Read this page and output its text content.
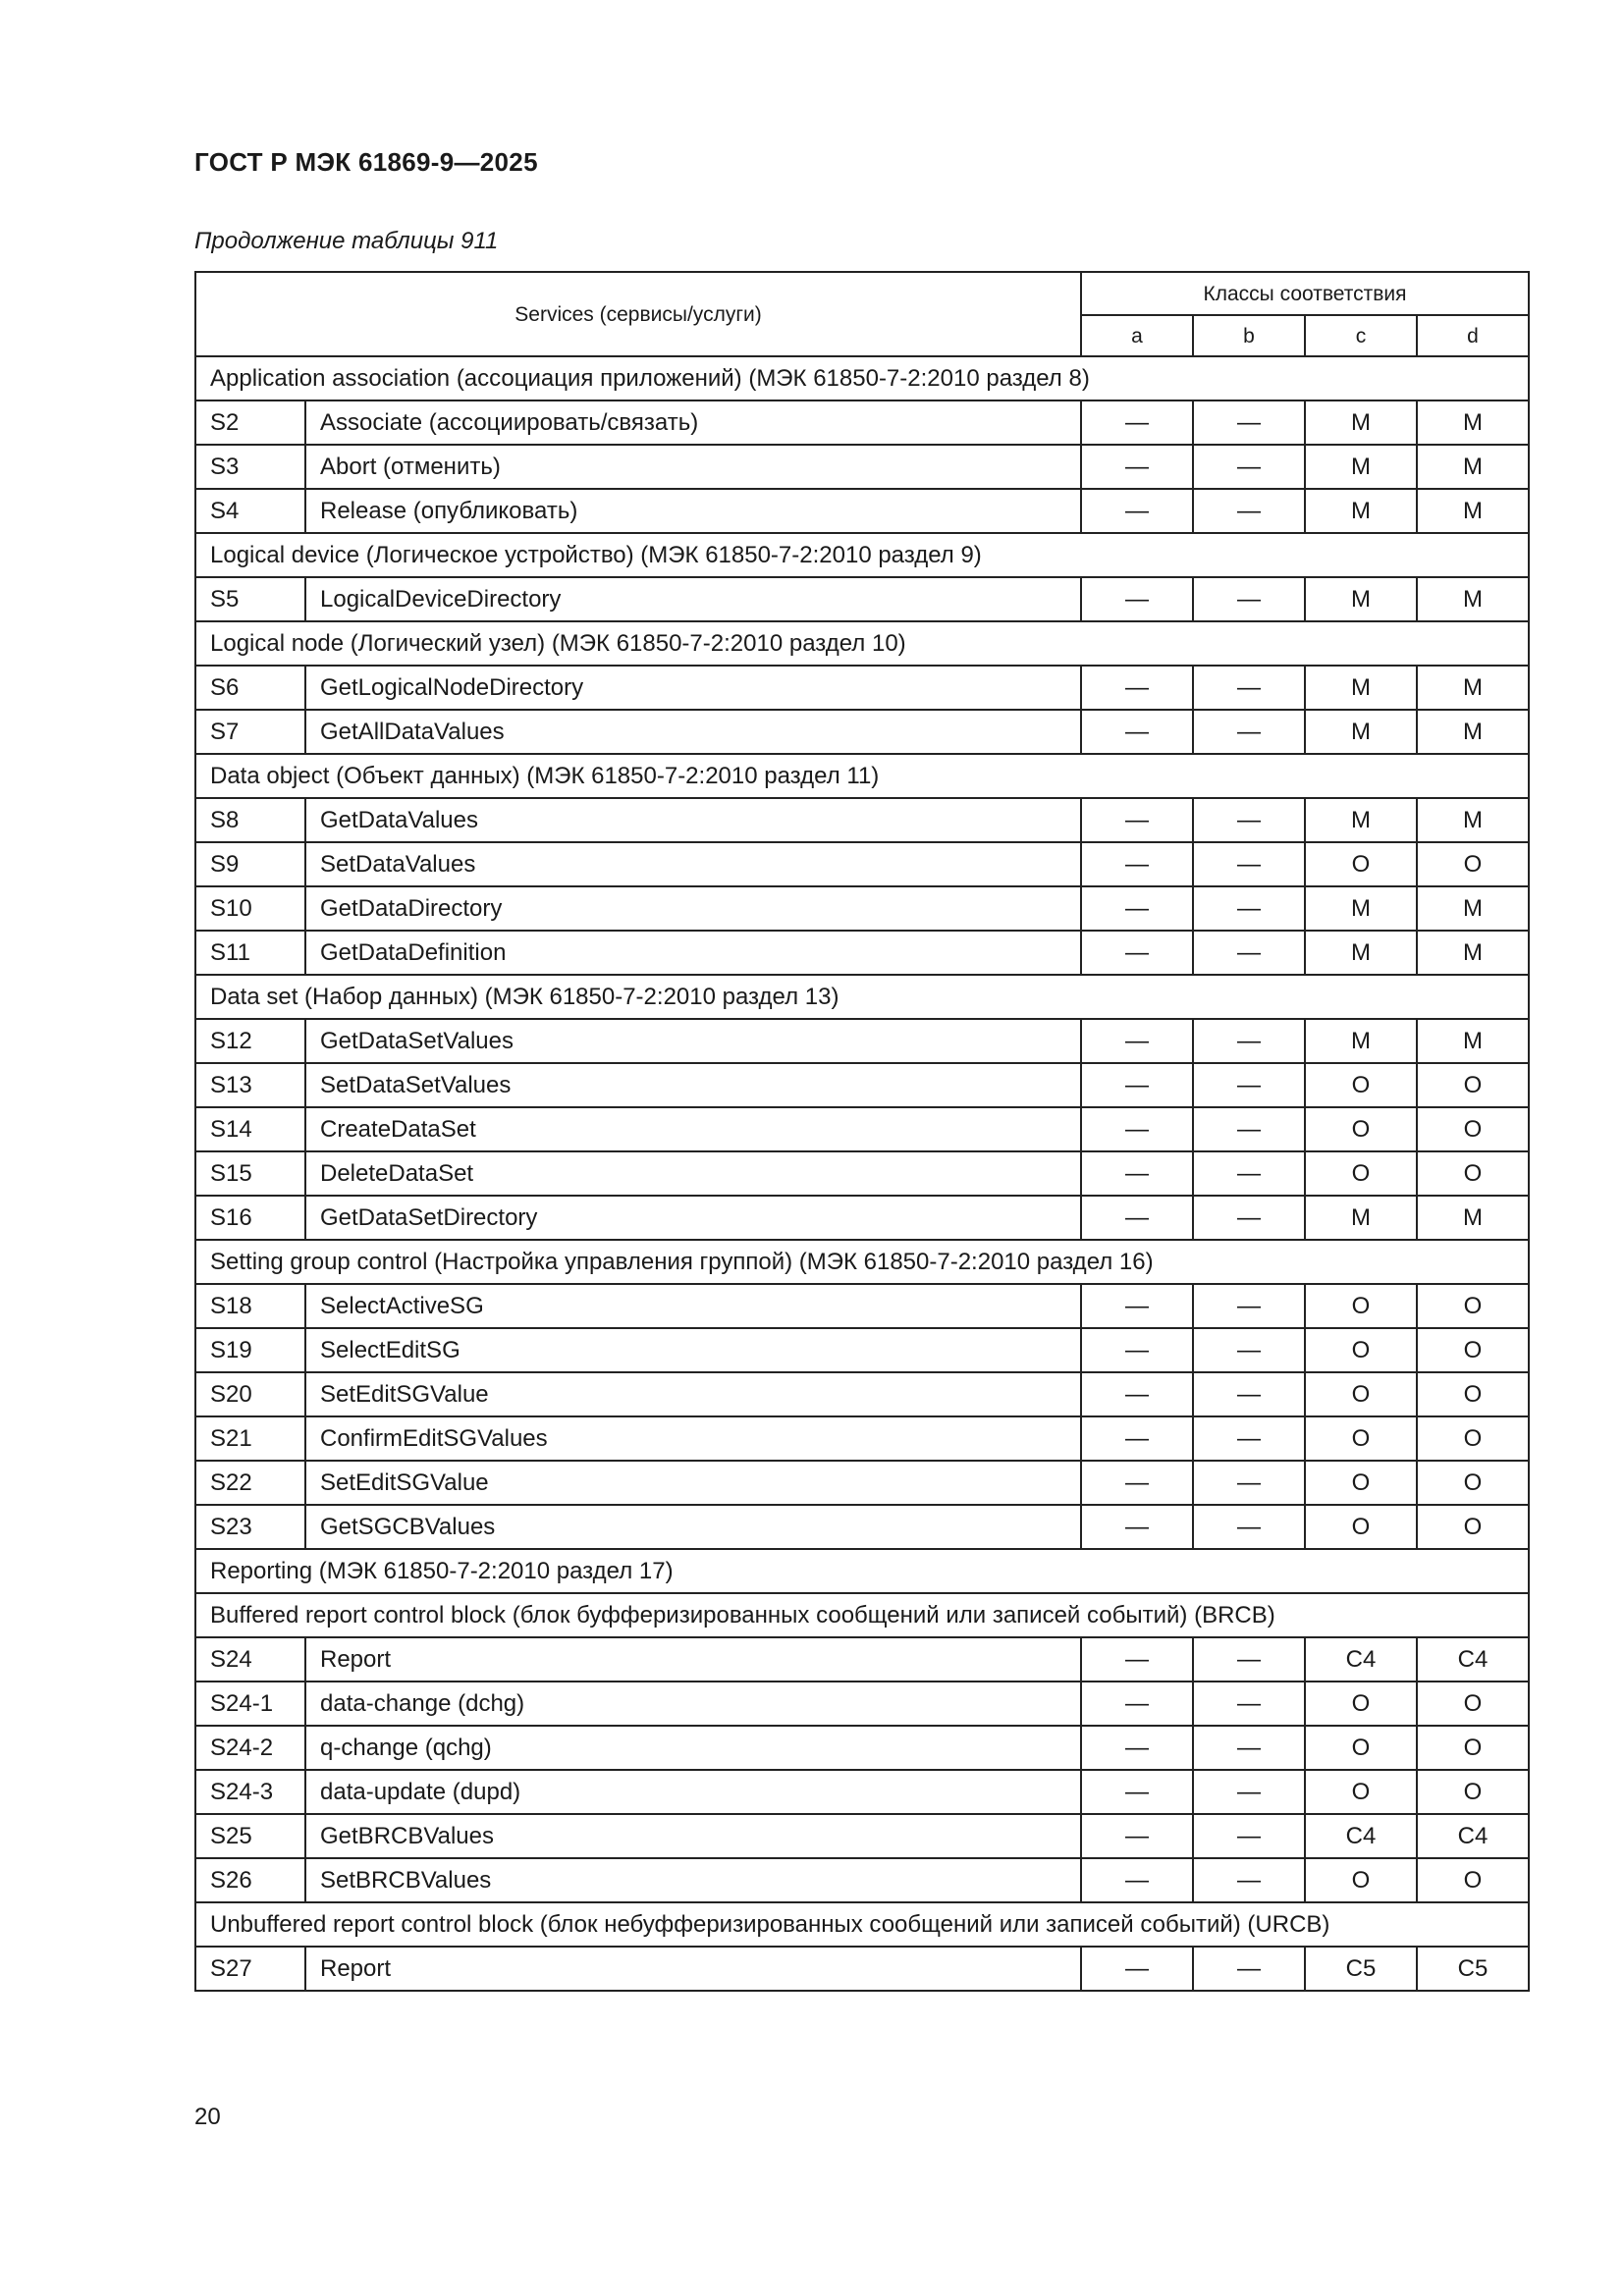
ГОСТ Р МЭК 61869-9—2025
Продолжение таблицы 911
Services (сервисы/услуги)		Классы соответствия			
		a	b	c	d
Application association (ассоциация приложений) (МЭК 61850-7-2:2010 раздел 8)					
S2	Associate (ассоциировать/связать)	—	—	M	M
S3	Abort (отменить)	—	—	M	M
S4	Release (опубликовать)	—	—	M	M
Logical device (Логическое устройство) (МЭК 61850-7-2:2010 раздел 9)					
S5	LogicalDeviceDirectory	—	—	M	M
Logical node (Логический узел) (МЭК 61850-7-2:2010 раздел 10)					
S6	GetLogicalNodeDirectory	—	—	M	M
S7	GetAllDataValues	—	—	M	M
Data object (Объект данных) (МЭК 61850-7-2:2010 раздел 11)					
S8	GetDataValues	—	—	M	M
S9	SetDataValues	—	—	O	O
S10	GetDataDirectory	—	—	M	M
S11	GetDataDefinition	—	—	M	M
Data set (Набор данных) (МЭК 61850-7-2:2010 раздел 13)					
S12	GetDataSetValues	—	—	M	M
S13	SetDataSetValues	—	—	O	O
S14	CreateDataSet	—	—	O	O
S15	DeleteDataSet	—	—	O	O
S16	GetDataSetDirectory	—	—	M	M
Setting group control (Настройка управления группой) (МЭК 61850-7-2:2010 раздел 16)					
S18	SelectActiveSG	—	—	O	O
S19	SelectEditSG	—	—	O	O
S20	SetEditSGValue	—	—	O	O
S21	ConfirmEditSGValues	—	—	O	O
S22	SetEditSGValue	—	—	O	O
S23	GetSGCBValues	—	—	O	O
Reporting (МЭК 61850-7-2:2010 раздел 17)					
Buffered report control block (блок буфферизированных сообщений или записей событий) (BRCB)					
S24	Report	—	—	C4	C4
S24-1	data-change (dchg)	—	—	O	O
S24-2	q-change (qchg)	—	—	O	O
S24-3	data-update (dupd)	—	—	O	O
S25	GetBRCBValues	—	—	C4	C4
S26	SetBRCBValues	—	—	O	O
Unbuffered report control block (блок небуфферизированных сообщений или записей событий) (URCB)					
S27	Report	—	—	C5	C5
20
